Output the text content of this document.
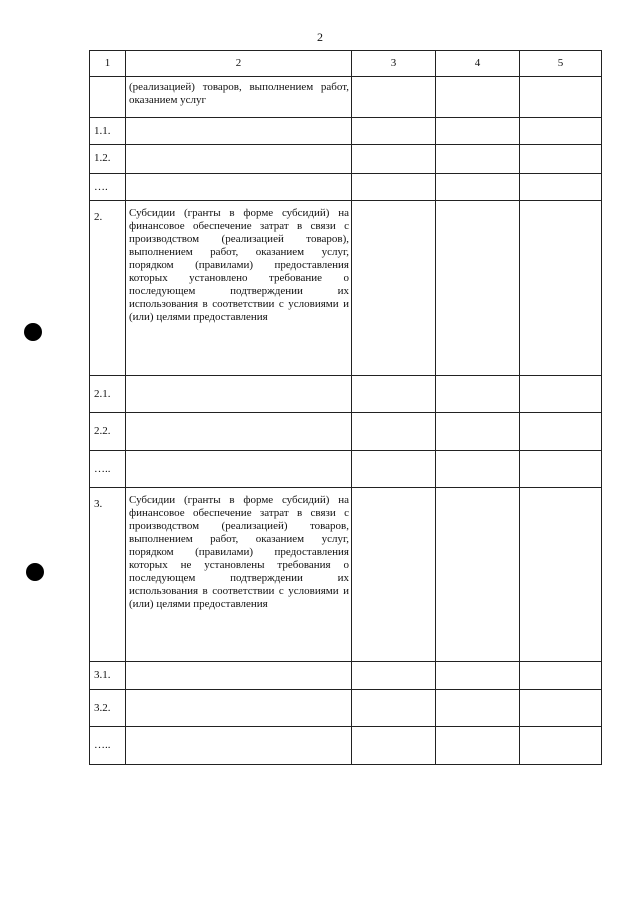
2
1	2	3	4	5
	(реализацией) товаров, выполнением работ, оказанием услуг			
1.1.				
1.2.				
….				
2.	Субсидии (гранты в форме субсидий) на финансовое обеспечение затрат в связи с производством (реализацией товаров), выполнением работ, оказанием услуг, порядком (правилами) предоставления которых установлено требование о последующем подтверждении их использования в соответствии с условиями и (или) целями предоставления			
2.1.				
2.2.				
…..				
3.	Субсидии (гранты в форме субсидий) на финансовое обеспечение затрат в связи с производством (реализацией) товаров, выполнением работ, оказанием услуг, порядком (правилами) предоставления которых не установлены требования о последующем подтверждении их использования в соответствии с условиями и (или) целями предоставления			
3.1.				
3.2.				
…..				
